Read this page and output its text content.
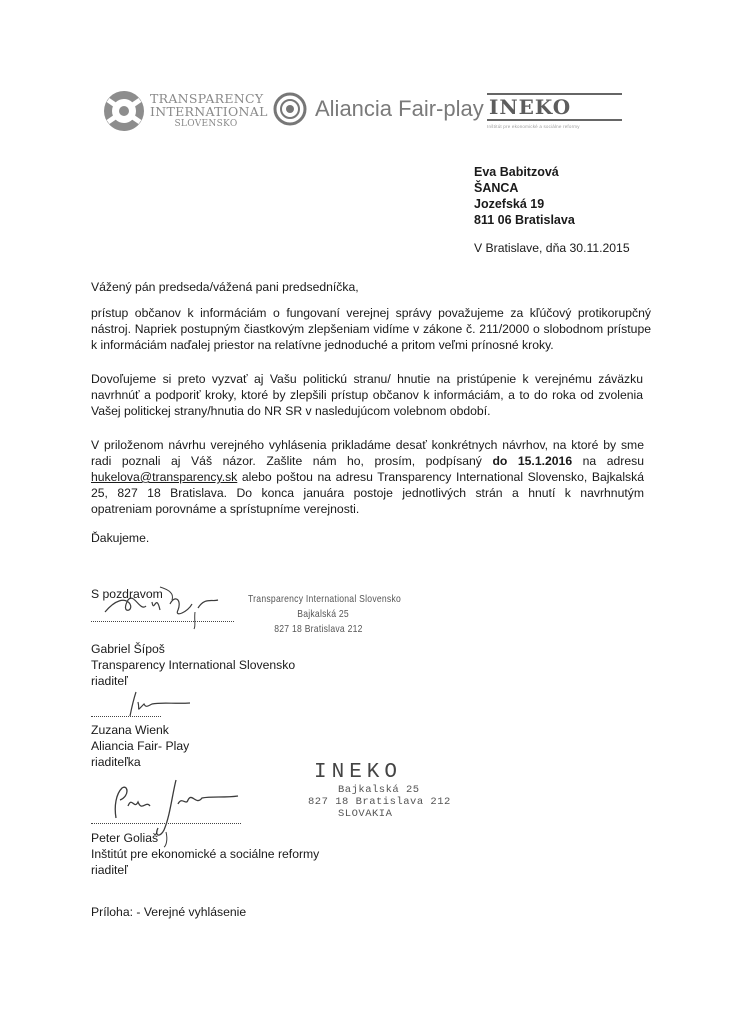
TRANSPARENCY
INTERNATIONAL
SLOVENSKO
Aliancia Fair-play INEKO
Inštitút pre ekonomické a sociálne reformy
Eva Babitzová
ŠANCA
Jozefská 19
811 06 Bratislava
V Bratislave, dňa 30.11.2015
Vážený pán predseda/vážená pani predsedníčka,
prístup občanov k informáciám o fungovaní verejnej správy považujeme za kľúčový protikorupčný
nástroj. Napriek postupným čiastkovým zlepšeniam vidíme v zákone č. 211/2000 o slobodnom prístupe
k informáciám naďalej priestor na relatívne jednoduché a pritom veľmi prínosné kroky.
Dovoľujeme si preto vyzvať aj Vašu politickú stranu/ hnutie na pristúpenie k verejnému záväzku
navrhnúť a podporiť kroky, ktoré by zlepšili prístup občanov k informáciám, a to do roka od zvolenia
Vašej politickej strany/hnutia do NR SR v nasledujúcom volebnom období.
V priloženom návrhu verejného vyhlásenia prikladáme desať konkrétnych návrhov, na ktoré by sme
radi poznali aj Váš názor. Zašlite nám ho, prosím, podpísaný do 15.1.2016 na adresu
hukelova@transparency.sk alebo poštou na adresu Transparency International Slovensko, Bajkalská
25, 827 18 Bratislava. Do konca januára postoje jednotlivých strán a hnutí k navrhnutým
opatreniam porovnáme a sprístupníme verejnosti.
Ďakujeme.
S pozdravom	Transparency International Slovensko
Bajkalská 25
827 18 Bratislava 212
Gabriel Šípoš
Transparency International Slovensko
riaditeľ
Zuzana Wienk
Aliancia Fair- Play
riaditeľka	INEKO
Bajkalská 25
827 18 Bratislava 212
SLOVAKIA
Peter Goliaš
Inštitút pre ekonomické a sociálne reformy
riaditeľ
Príloha: - Verejné vyhlásenie
